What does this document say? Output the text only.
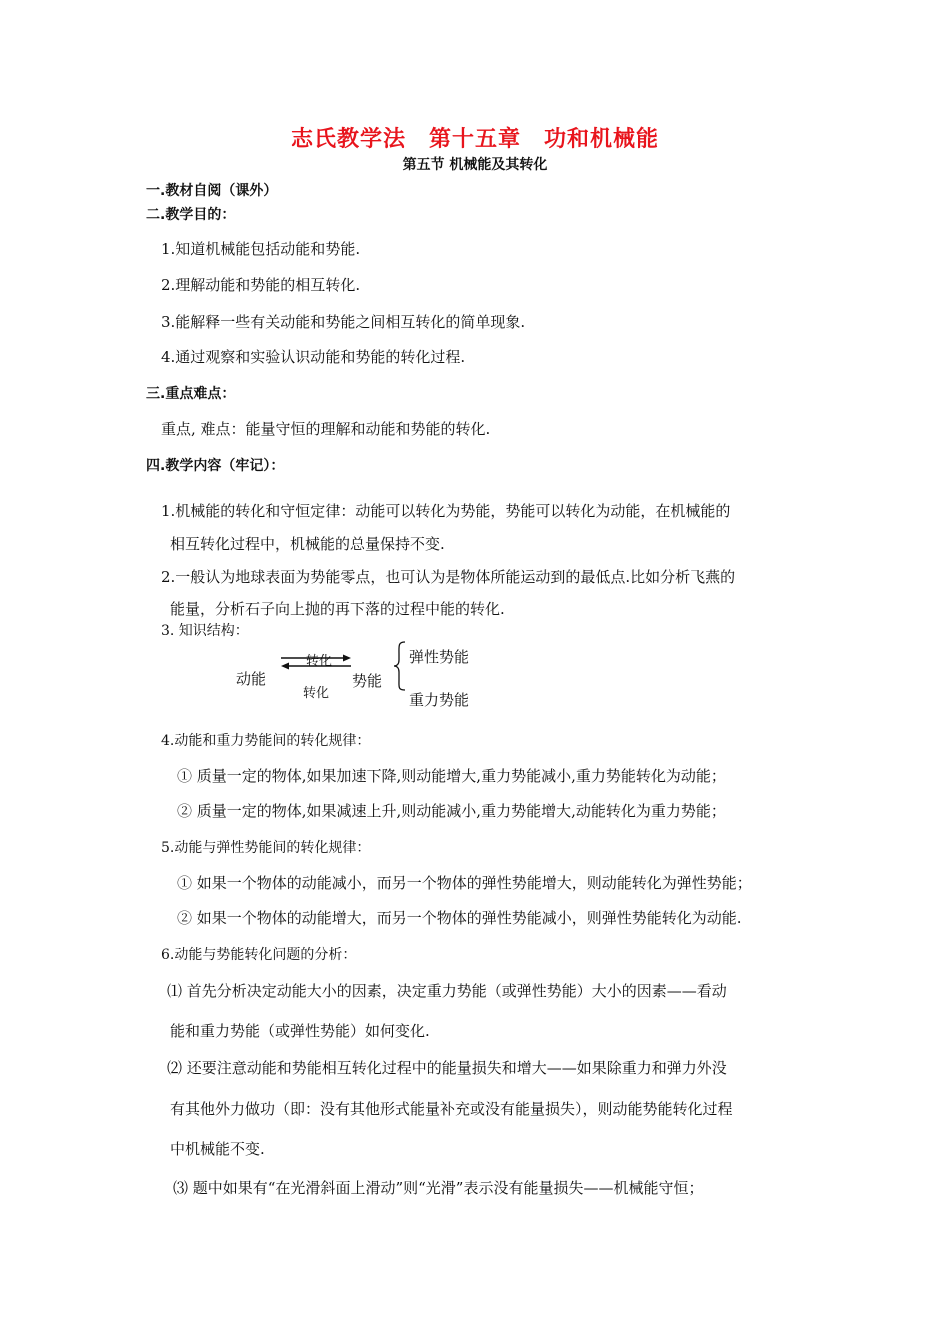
志氏教学法　第十五章　功和机械能
第五节 机械能及其转化
一.教材自阅（课外）
二.教学目的：
1.知道机械能包括动能和势能.
2.理解动能和势能的相互转化.
3.能解释一些有关动能和势能之间相互转化的简单现象.
4.通过观察和实验认识动能和势能的转化过程.
三.重点难点：
重点, 难点：能量守恒的理解和动能和势能的转化.
四.教学内容（牢记）：
1.机械能的转化和守恒定律：动能可以转化为势能，势能可以转化为动能，在机械能的
相互转化过程中，机械能的总量保持不变.
2.一般认为地球表面为势能零点，也可认为是物体所能运动到的最低点.比如分析飞燕的
能量，分析石子向上抛的再下落的过程中能的转化.
3. 知识结构：
动能
转化
转化
势能
弹性势能
重力势能
4.动能和重力势能间的转化规律：
① 质量一定的物体,如果加速下降,则动能增大,重力势能减小,重力势能转化为动能；
② 质量一定的物体,如果减速上升,则动能减小,重力势能增大,动能转化为重力势能；
5.动能与弹性势能间的转化规律：
① 如果一个物体的动能减小，而另一个物体的弹性势能增大，则动能转化为弹性势能；
② 如果一个物体的动能增大，而另一个物体的弹性势能减小，则弹性势能转化为动能.
6.动能与势能转化问题的分析：
⑴ 首先分析决定动能大小的因素，决定重力势能（或弹性势能）大小的因素——看动
能和重力势能（或弹性势能）如何变化.
⑵ 还要注意动能和势能相互转化过程中的能量损失和增大——如果除重力和弹力外没
有其他外力做功（即：没有其他形式能量补充或没有能量损失），则动能势能转化过程
中机械能不变.
⑶ 题中如果有“在光滑斜面上滑动”则“光滑”表示没有能量损失——机械能守恒；
